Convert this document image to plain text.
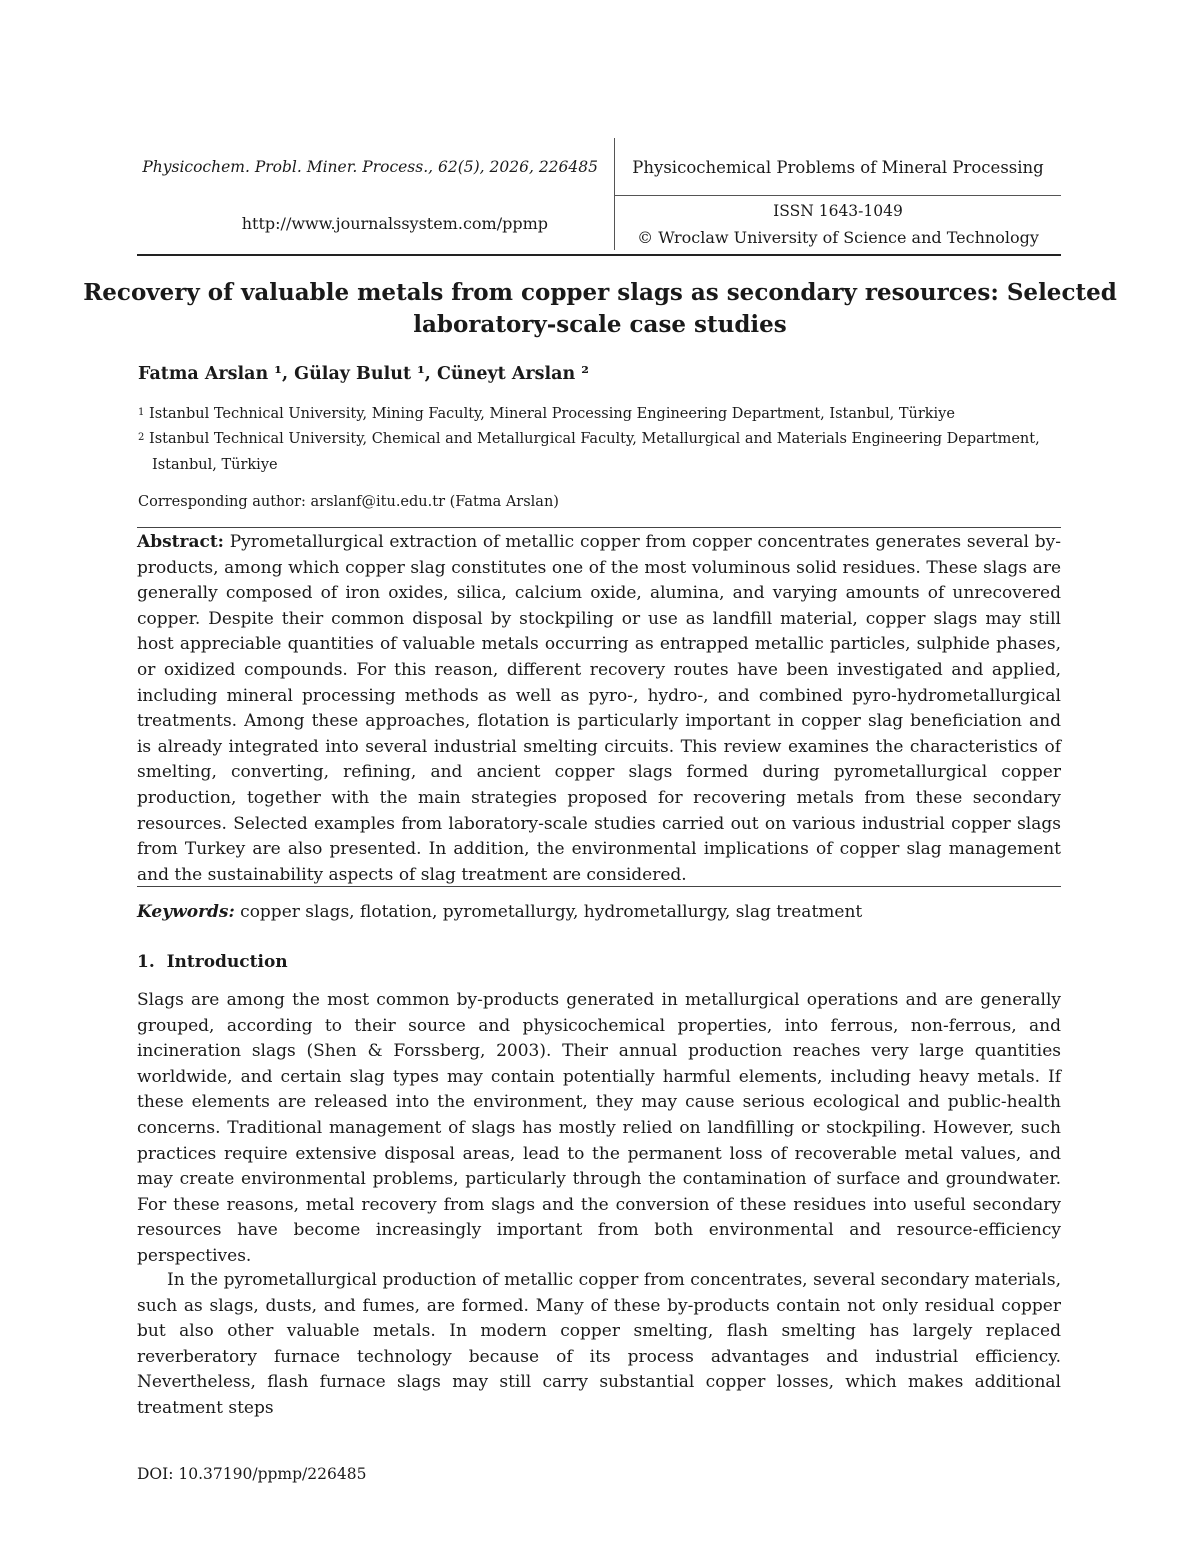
Physicochem. Probl. Miner. Process., 62(5), 2026, 226485
http://www.journalssystem.com/ppmp
Physicochemical Problems of Mineral Processing
ISSN 1643-1049
© Wroclaw University of Science and Technology
Recovery of valuable metals from copper slags as secondary resources: Selected laboratory-scale case studies
Fatma Arslan ¹, Gülay Bulut ¹, Cüneyt Arslan ²
$^1$ Istanbul Technical University, Mining Faculty, Mineral Processing Engineering Department, Istanbul, Türkiye
$^2$ Istanbul Technical University, Chemical and Metallurgical Faculty, Metallurgical and Materials Engineering Department,
Istanbul, Türkiye
Corresponding author: arslanf@itu.edu.tr (Fatma Arslan)
Abstract: Pyrometallurgical extraction of metallic copper from copper concentrates generates several by-products, among which copper slag constitutes one of the most voluminous solid residues. These slags are generally composed of iron oxides, silica, calcium oxide, alumina, and varying amounts of unrecovered copper. Despite their common disposal by stockpiling or use as landfill material, copper slags may still host appreciable quantities of valuable metals occurring as entrapped metallic particles, sulphide phases, or oxidized compounds. For this reason, different recovery routes have been investigated and applied, including mineral processing methods as well as pyro-, hydro-, and combined pyro-hydrometallurgical treatments. Among these approaches, flotation is particularly important in copper slag beneficiation and is already integrated into several industrial smelting circuits. This review examines the characteristics of smelting, converting, refining, and ancient copper slags formed during pyrometallurgical copper production, together with the main strategies proposed for recovering metals from these secondary resources. Selected examples from laboratory-scale studies carried out on various industrial copper slags from Turkey are also presented. In addition, the environmental implications of copper slag management and the sustainability aspects of slag treatment are considered.
Keywords: copper slags, flotation, pyrometallurgy, hydrometallurgy, slag treatment
1. Introduction
Slags are among the most common by-products generated in metallurgical operations and are generally grouped, according to their source and physicochemical properties, into ferrous, non-ferrous, and incineration slags (Shen & Forssberg, 2003). Their annual production reaches very large quantities worldwide, and certain slag types may contain potentially harmful elements, including heavy metals. If these elements are released into the environment, they may cause serious ecological and public-health concerns. Traditional management of slags has mostly relied on landfilling or stockpiling. However, such practices require extensive disposal areas, lead to the permanent loss of recoverable metal values, and may create environmental problems, particularly through the contamination of surface and groundwater. For these reasons, metal recovery from slags and the conversion of these residues into useful secondary resources have become increasingly important from both environmental and resource-efficiency perspectives.
In the pyrometallurgical production of metallic copper from concentrates, several secondary materials, such as slags, dusts, and fumes, are formed. Many of these by-products contain not only residual copper but also other valuable metals. In modern copper smelting, flash smelting has largely replaced reverberatory furnace technology because of its process advantages and industrial efficiency. Nevertheless, flash furnace slags may still carry substantial copper losses, which makes additional treatment steps
DOI: 10.37190/ppmp/226485
